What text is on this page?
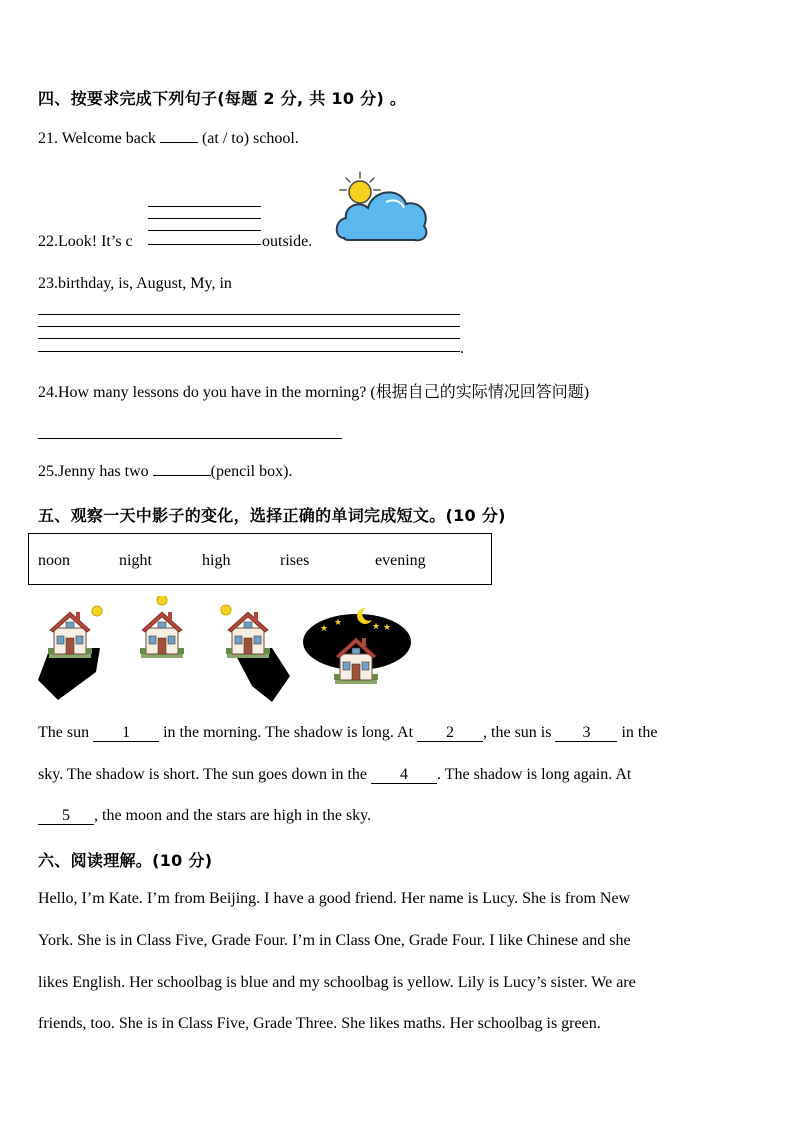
四、按要求完成下列句子(每题 2 分, 共 10 分) 。
21. Welcome back  (at / to) school.
22.Look! It’s c	outside.
23.birthday, is, August, My, in
.
24.How many lessons do you have in the morning? (根据自己的实际情况回答问题)
25.Jenny has two	(pencil box).
五、观察一天中影子的变化，选择正确的单词完成短文。(10 分)
noon	night	high	rises	evening
★
★	★ ★
The sun 1 in the morning. The shadow is long. At 2 , the sun is 3 in the
sky. The shadow is short. The sun goes down in the 4 . The shadow is long again. At
5 , the moon and the stars are high in the sky.
六、阅读理解。(10 分)
Hello, I’m Kate. I’m from Beijing. I have a good friend. Her name is Lucy. She is from New
York. She is in Class Five, Grade Four. I’m in Class One, Grade Four. I like Chinese and she
likes English. Her schoolbag is blue and my schoolbag is yellow. Lily is Lucy’s sister. We are
friends, too. She is in Class Five, Grade Three. She likes maths. Her schoolbag is green.
